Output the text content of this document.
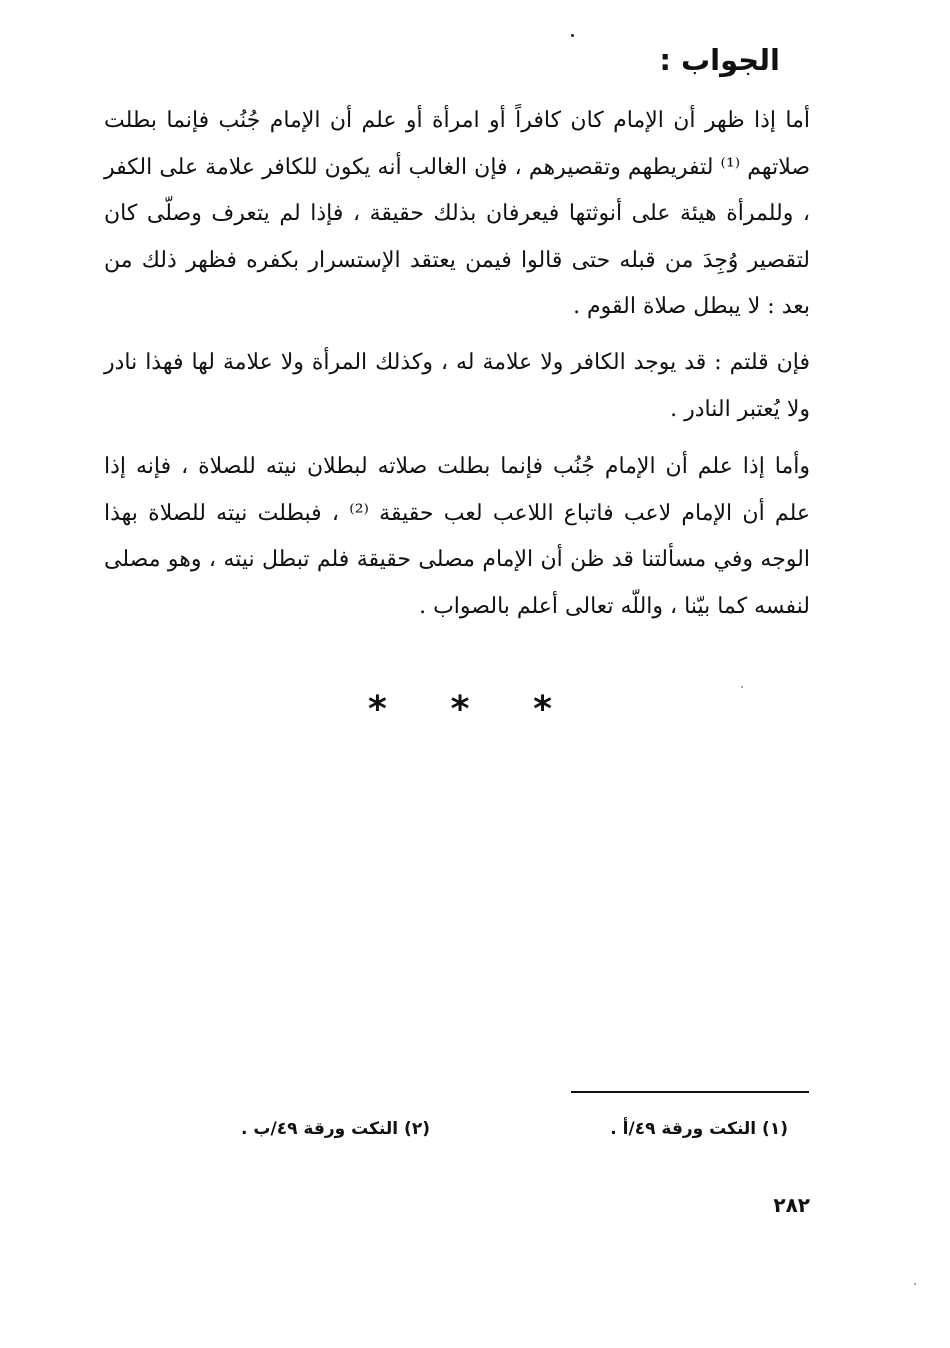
الجواب :

أما إذا ظهر أن الإمام كان كافراً أو امرأة أو علم أن الإمام جُنُب فإنما بطلت صلاتهم ⁽¹⁾ لتفريطهم وتقصيرهم ، فإن الغالب أنه يكون للكافر علامة على الكفر ، وللمرأة هيئة على أنوثتها فيعرفان بذلك حقيقة ، فإذا لم يتعرف وصلّى كان لتقصير وُجِدَ من قبله حتى قالوا فيمن يعتقد الإستسرار بكفره فظهر ذلك من بعد : لا يبطل صلاة القوم .

فإن قلتم : قد يوجد الكافر ولا علامة له ، وكذلك المرأة ولا علامة لها فهذا نادر ولا يُعتبر النادر .

وأما إذا علم أن الإمام جُنُب فإنما بطلت صلاته لبطلان نيته للصلاة ، فإنه إذا علم أن الإمام لاعب فاتباع اللاعب لعب حقيقة ⁽²⁾ ، فبطلت نيته للصلاة بهذا الوجه وفي مسألتنا قد ظن أن الإمام مصلى حقيقة فلم تبطل نيته ، وهو مصلى لنفسه كما بيّنا ، واللّه تعالى أعلم بالصواب .

* * *
(١) النكت ورقة ٤٩/أ .
(٢) النكت ورقة ٤٩/ب .
٢٨٢
